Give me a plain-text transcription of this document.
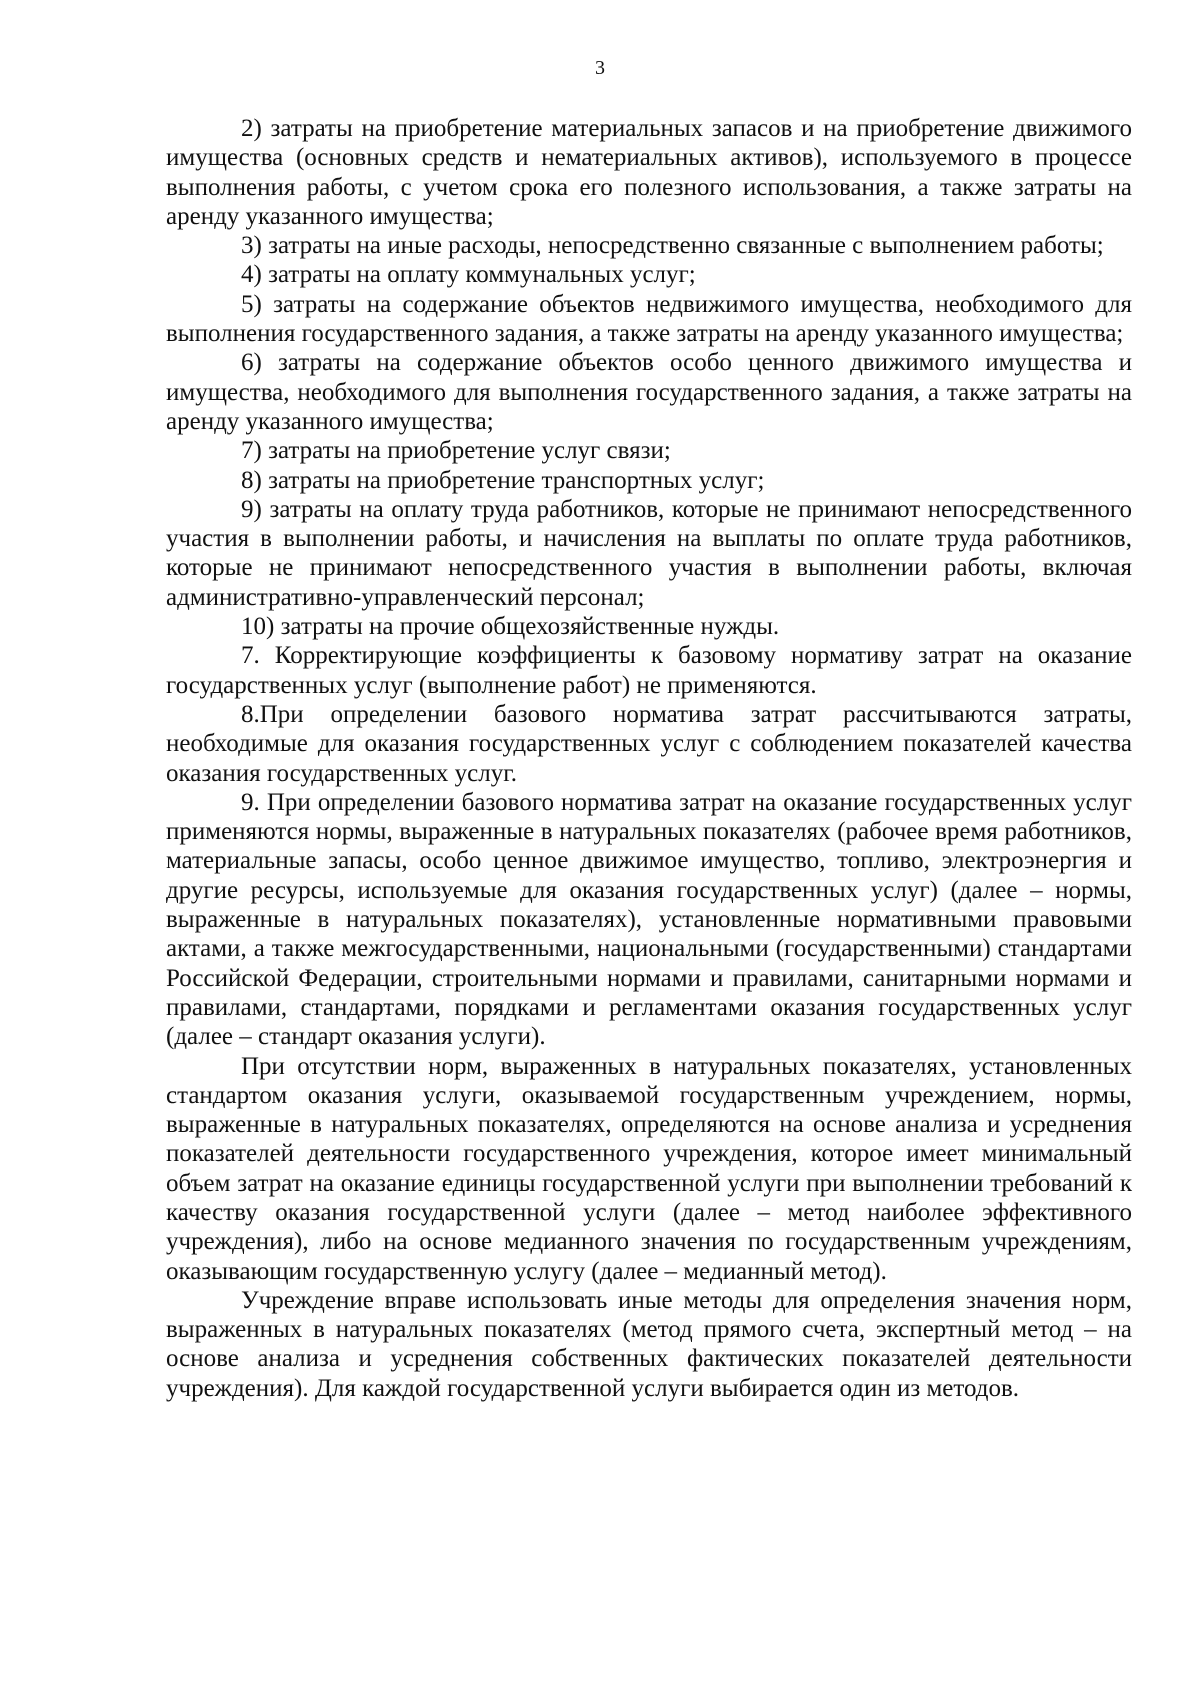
3

2) затраты на приобретение материальных запасов и на приобретение движимого имущества (основных средств и нематериальных активов), используемого в процессе выполнения работы, с учетом срока его полезного использования, а также затраты на аренду указанного имущества;

3) затраты на иные расходы, непосредственно связанные с выполнением работы;

4) затраты на оплату коммунальных услуг;

5) затраты на содержание объектов недвижимого имущества, необходимого для выполнения государственного задания, а также затраты на аренду указанного имущества;

6) затраты на содержание объектов особо ценного движимого имущества и имущества, необходимого для выполнения государственного задания, а также затраты на аренду указанного имущества;

7) затраты на приобретение услуг связи;

8) затраты на приобретение транспортных услуг;

9) затраты на оплату труда работников, которые не принимают непосредственного участия в выполнении работы, и начисления на выплаты по оплате труда работников, которые не принимают непосредственного участия в выполнении работы, включая административно-управленческий персонал;

10) затраты на прочие общехозяйственные нужды.

7. Корректирующие коэффициенты к базовому нормативу затрат на оказание государственных услуг (выполнение работ) не применяются.

8.При определении базового норматива затрат рассчитываются затраты, необходимые для оказания государственных услуг с соблюдением показателей качества оказания государственных услуг.

9. При определении базового норматива затрат на оказание государственных услуг применяются нормы, выраженные в натуральных показателях (рабочее время работников, материальные запасы, особо ценное движимое имущество, топливо, электроэнергия и другие ресурсы, используемые для оказания государственных услуг) (далее – нормы, выраженные в натуральных показателях), установленные нормативными правовыми актами, а также межгосударственными, национальными (государственными) стандартами Российской Федерации, строительными нормами и правилами, санитарными нормами и правилами, стандартами, порядками и регламентами оказания государственных услуг (далее – стандарт оказания услуги).

При отсутствии норм, выраженных в натуральных показателях, установленных стандартом оказания услуги, оказываемой государственным учреждением, нормы, выраженные в натуральных показателях, определяются на основе анализа и усреднения показателей деятельности государственного учреждения, которое имеет минимальный объем затрат на оказание единицы государственной услуги при выполнении требований к качеству оказания государственной услуги (далее – метод наиболее эффективного учреждения), либо на основе медианного значения по государственным учреждениям, оказывающим государственную услугу (далее – медианный метод).

Учреждение вправе использовать иные методы для определения значения норм, выраженных в натуральных показателях (метод прямого счета, экспертный метод – на основе анализа и усреднения собственных фактических показателей деятельности учреждения). Для каждой государственной услуги выбирается один из методов.
